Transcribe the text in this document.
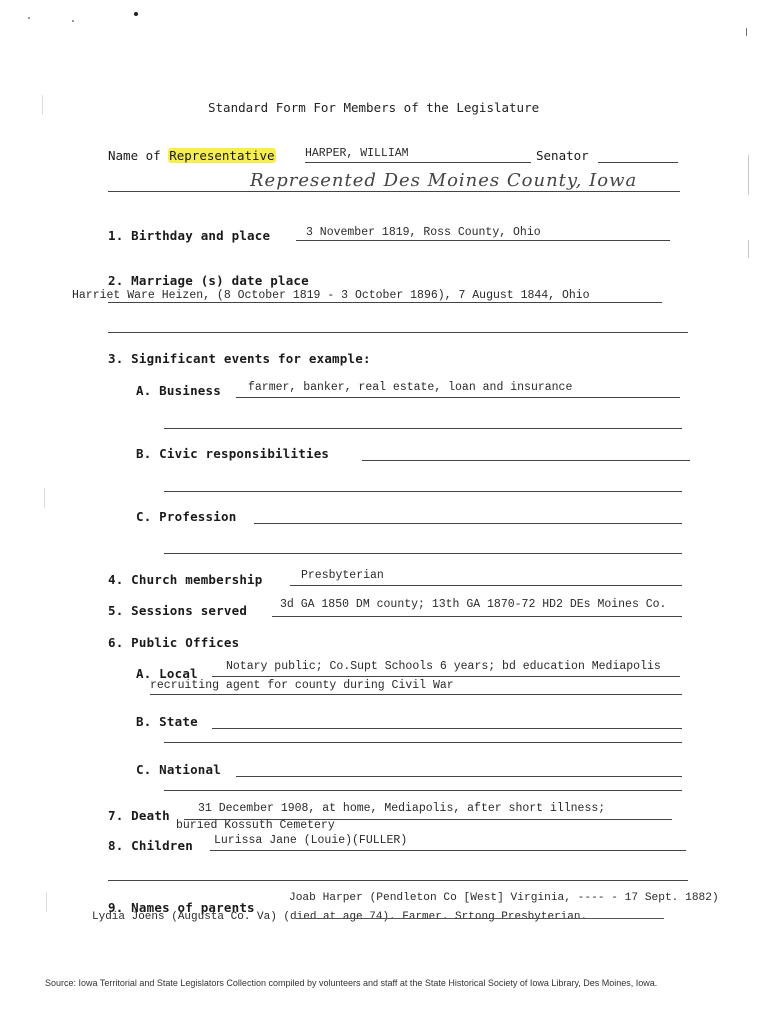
Standard Form For Members of the Legislature
Name of Representative	HARPER, WILLIAM	Senator
Represented Des Moines County, Iowa
1. Birthday and place	3 November 1819, Ross County, Ohio
2. Marriage (s) date place
Harriet Ware Heizen, (8 October 1819 - 3 October 1896), 7 August 1844, Ohio
3. Significant events for example:
A. Business farmer, banker, real estate, loan and insurance
B. Civic responsibilities
C. Profession
4. Church membership	Presbyterian
5. Sessions served	3d GA 1850 DM county; 13th GA 1870-72 HD2 DEs Moines Co.
6. Public Offices
A. Local Notary public; Co.Supt Schools 6 years; bd education Mediapolis
recruiting agent for county during Civil War
B. State
C. National
7. Death 31 December 1908, at home, Mediapolis, after short illness;
buried Kossuth Cemetery
8. Children Lurissa Jane (Louie)(FULLER)
9. Names of parents
Joab Harper (Pendleton Co [West] Virginia, ---- - 17 Sept. 1882)
Lydia Joens (Augusta Co. Va) (died at age 74). Farmer. Srtong Presbyterian.
Source: Iowa Territorial and State Legislators Collection compiled by volunteers and staff at the State Historical Society of Iowa Library, Des Moines, Iowa.
